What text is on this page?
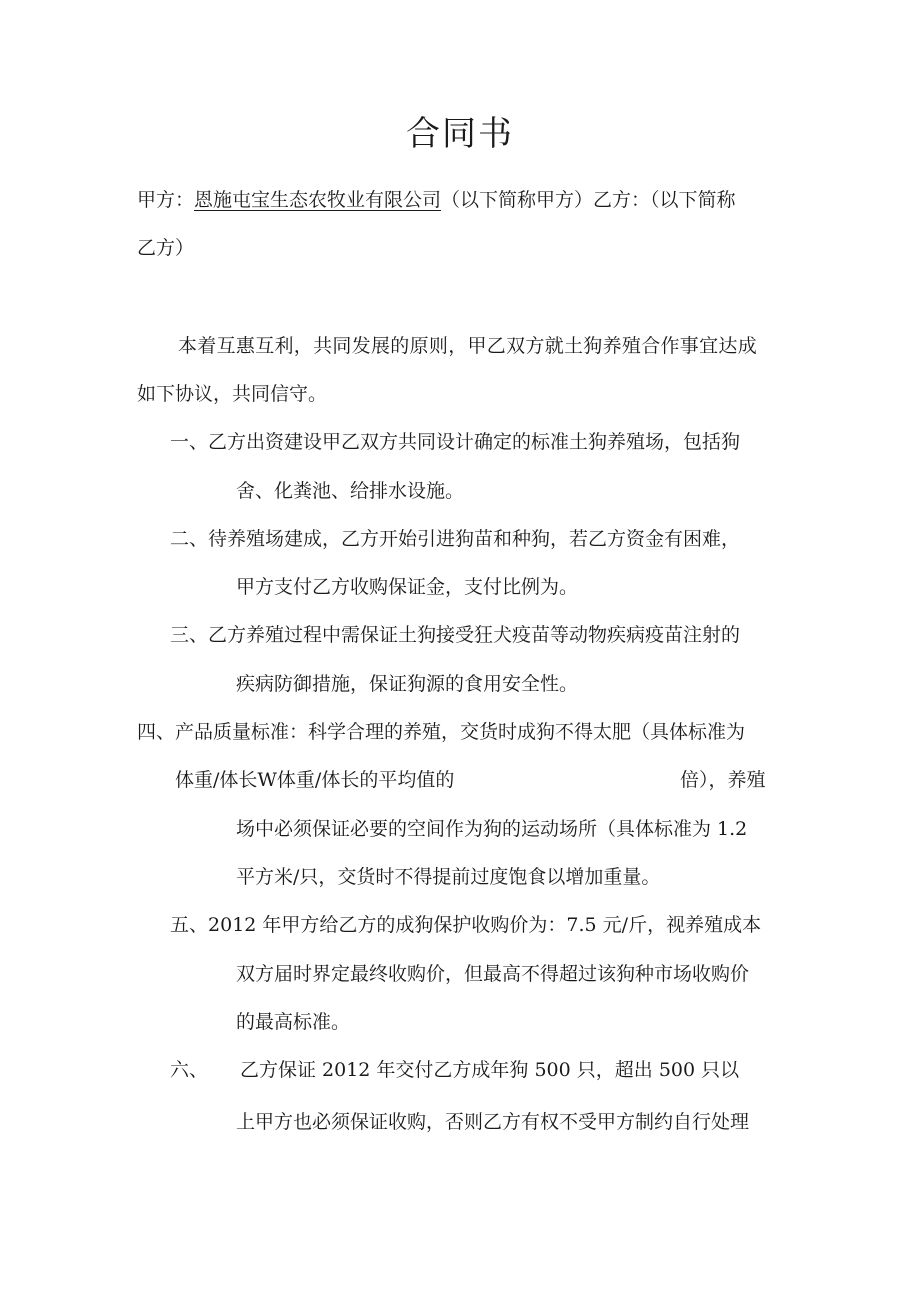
合同书
甲方：恩施屯宝生态农牧业有限公司（以下简称甲方）乙方：（以下简称
乙方）
本着互惠互利，共同发展的原则，甲乙双方就土狗养殖合作事宜达成
如下协议，共同信守。
一、乙方出资建设甲乙双方共同设计确定的标准土狗养殖场，包括狗
舍、化粪池、给排水设施。
二、待养殖场建成，乙方开始引进狗苗和种狗，若乙方资金有困难，
甲方支付乙方收购保证金，支付比例为。
三、乙方养殖过程中需保证土狗接受狂犬疫苗等动物疾病疫苗注射的
疾病防御措施，保证狗源的食用安全性。
四、产品质量标准：科学合理的养殖，交货时成狗不得太肥（具体标准为
体重/体长W体重/体长的平均值的	倍），养殖
场中必须保证必要的空间作为狗的运动场所（具体标准为 1.2
平方米/只，交货时不得提前过度饱食以增加重量。
五、2012 年甲方给乙方的成狗保护收购价为：7.5 元/斤，视养殖成本
双方届时界定最终收购价，但最高不得超过该狗种市场收购价
的最高标准。
六、 乙方保证 2012 年交付乙方成年狗 500 只，超出 500 只以
上甲方也必须保证收购，否则乙方有权不受甲方制约自行处理
